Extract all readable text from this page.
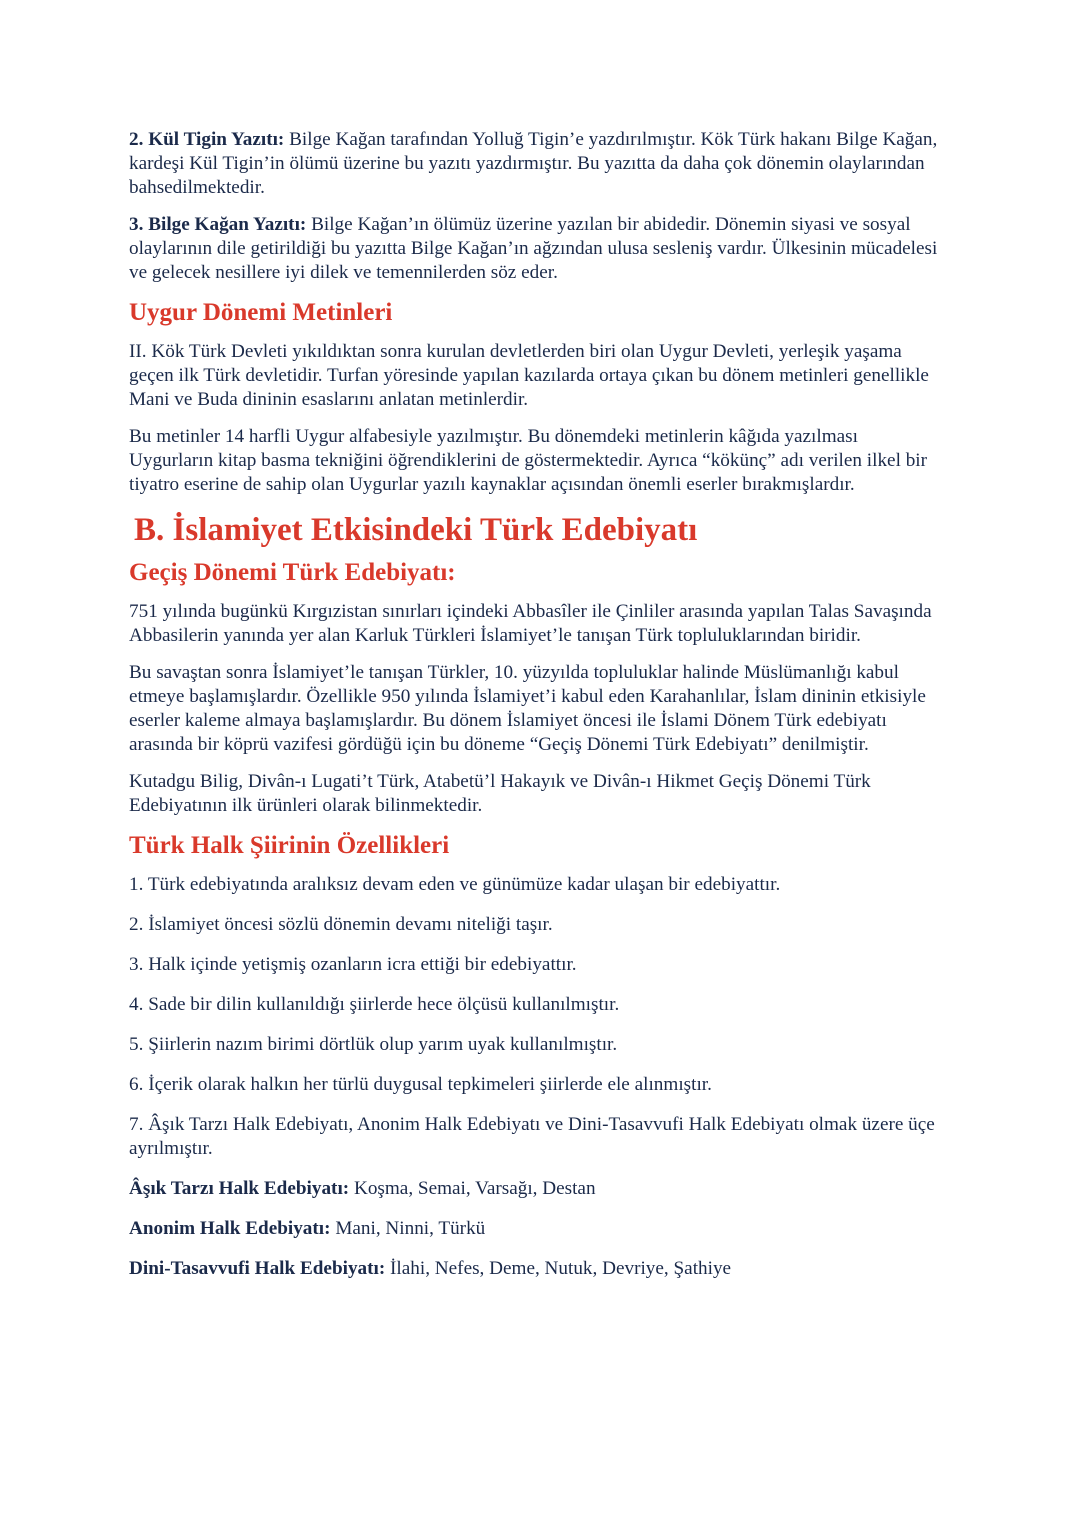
2. Kül Tigin Yazıtı: Bilge Kağan tarafından Yolluğ Tigin’e yazdırılmıştır. Kök Türk hakanı Bilge Kağan, kardeşi Kül Tigin’in ölümü üzerine bu yazıtı yazdırmıştır. Bu yazıtta da daha çok dönemin olaylarından bahsedilmektedir.

3. Bilge Kağan Yazıtı: Bilge Kağan’ın ölümüz üzerine yazılan bir abidedir. Dönemin siyasi ve sosyal olaylarının dile getirildiği bu yazıtta Bilge Kağan’ın ağzından ulusa sesleniş vardır. Ülkesinin mücadelesi ve gelecek nesillere iyi dilek ve temennilerden söz eder.

Uygur Dönemi Metinleri

II. Kök Türk Devleti yıkıldıktan sonra kurulan devletlerden biri olan Uygur Devleti, yerleşik yaşama geçen ilk Türk devletidir. Turfan yöresinde yapılan kazılarda ortaya çıkan bu dönem metinleri genellikle Mani ve Buda dininin esaslarını anlatan metinlerdir.

Bu metinler 14 harfli Uygur alfabesiyle yazılmıştır. Bu dönemdeki metinlerin kâğıda yazılması Uygurların kitap basma tekniğini öğrendiklerini de göstermektedir. Ayrıca “kökünç” adı verilen ilkel bir tiyatro eserine de sahip olan Uygurlar yazılı kaynaklar açısından önemli eserler bırakmışlardır.

B. İslamiyet Etkisindeki Türk Edebiyatı
Geçiş Dönemi Türk Edebiyatı:

751 yılında bugünkü Kırgızistan sınırları içindeki Abbasîler ile Çinliler arasında yapılan Talas Savaşında Abbasilerin yanında yer alan Karluk Türkleri İslamiyet’le tanışan Türk topluluklarından biridir.

Bu savaştan sonra İslamiyet’le tanışan Türkler, 10. yüzyılda topluluklar halinde Müslümanlığı kabul etmeye başlamışlardır. Özellikle 950 yılında İslamiyet’i kabul eden Karahanlılar, İslam dininin etkisiyle eserler kaleme almaya başlamışlardır. Bu dönem İslamiyet öncesi ile İslami Dönem Türk edebiyatı arasında bir köprü vazifesi gördüğü için bu döneme “Geçiş Dönemi Türk Edebiyatı” denilmiştir.

Kutadgu Bilig, Divân-ı Lugati’t Türk, Atabetü’l Hakayık ve Divân-ı Hikmet Geçiş Dönemi Türk Edebiyatının ilk ürünleri olarak bilinmektedir.

Türk Halk Şiirinin Özellikleri

1. Türk edebiyatında aralıksız devam eden ve günümüze kadar ulaşan bir edebiyattır.

2. İslamiyet öncesi sözlü dönemin devamı niteliği taşır.

3. Halk içinde yetişmiş ozanların icra ettiği bir edebiyattır.

4. Sade bir dilin kullanıldığı şiirlerde hece ölçüsü kullanılmıştır.

5. Şiirlerin nazım birimi dörtlük olup yarım uyak kullanılmıştır.

6. İçerik olarak halkın her türlü duygusal tepkimeleri şiirlerde ele alınmıştır.

7. Âşık Tarzı Halk Edebiyatı, Anonim Halk Edebiyatı ve Dini-Tasavvufi Halk Edebiyatı olmak üzere üçe ayrılmıştır.

Âşık Tarzı Halk Edebiyatı: Koşma, Semai, Varsağı, Destan

Anonim Halk Edebiyatı: Mani, Ninni, Türkü

Dini-Tasavvufi Halk Edebiyatı: İlahi, Nefes, Deme, Nutuk, Devriye, Şathiye
